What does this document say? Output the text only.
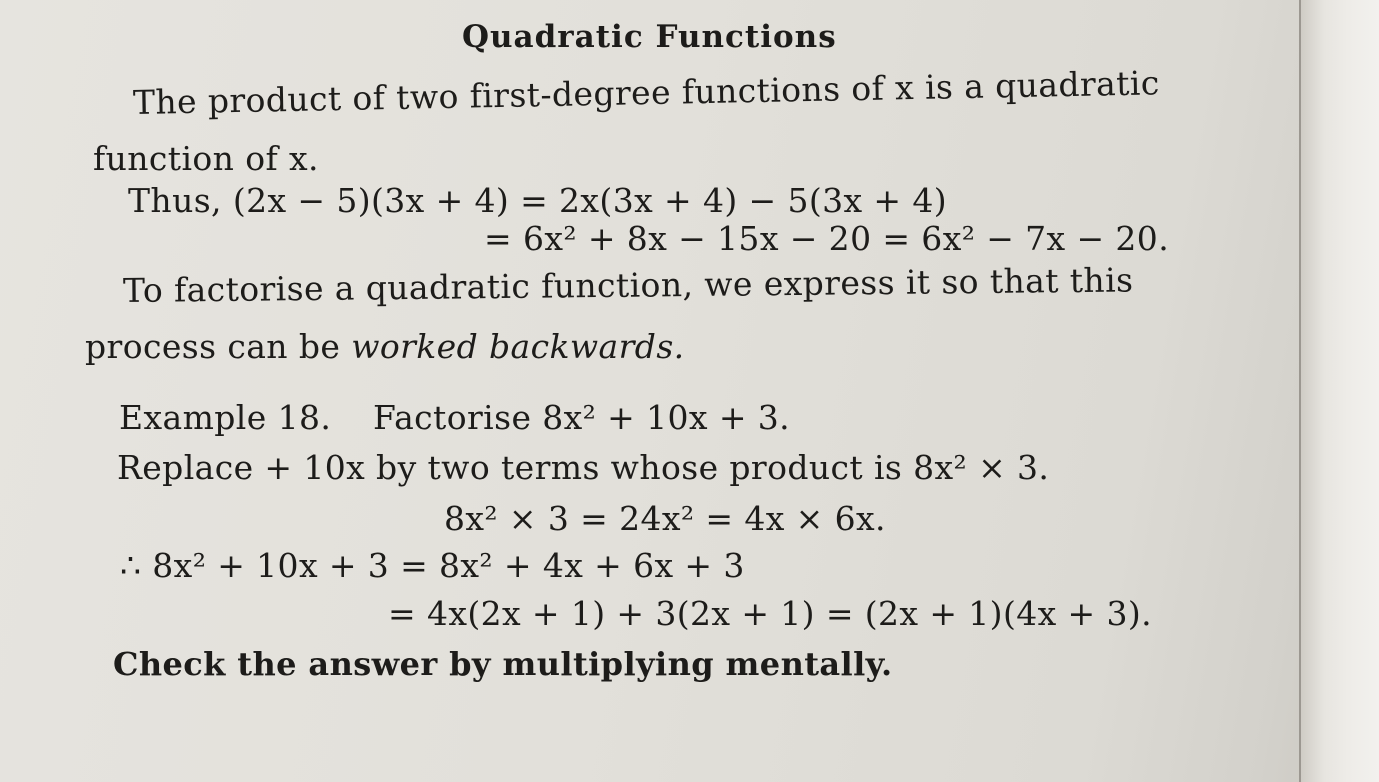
Quadratic Functions
The product of two first-degree functions of x is a quadratic
function of x.
Thus, (2x − 5)(3x + 4) = 2x(3x + 4) − 5(3x + 4)
= 6x² + 8x − 15x − 20 = 6x² − 7x − 20.
To factorise a quadratic function, we express it so that this
process can be worked backwards.
Example 18. Factorise 8x² + 10x + 3.
Replace + 10x by two terms whose product is 8x² × 3.
8x² × 3 = 24x² = 4x × 6x.
∴ 8x² + 10x + 3 = 8x² + 4x + 6x + 3
= 4x(2x + 1) + 3(2x + 1) = (2x + 1)(4x + 3).
Check the answer by multiplying mentally.
